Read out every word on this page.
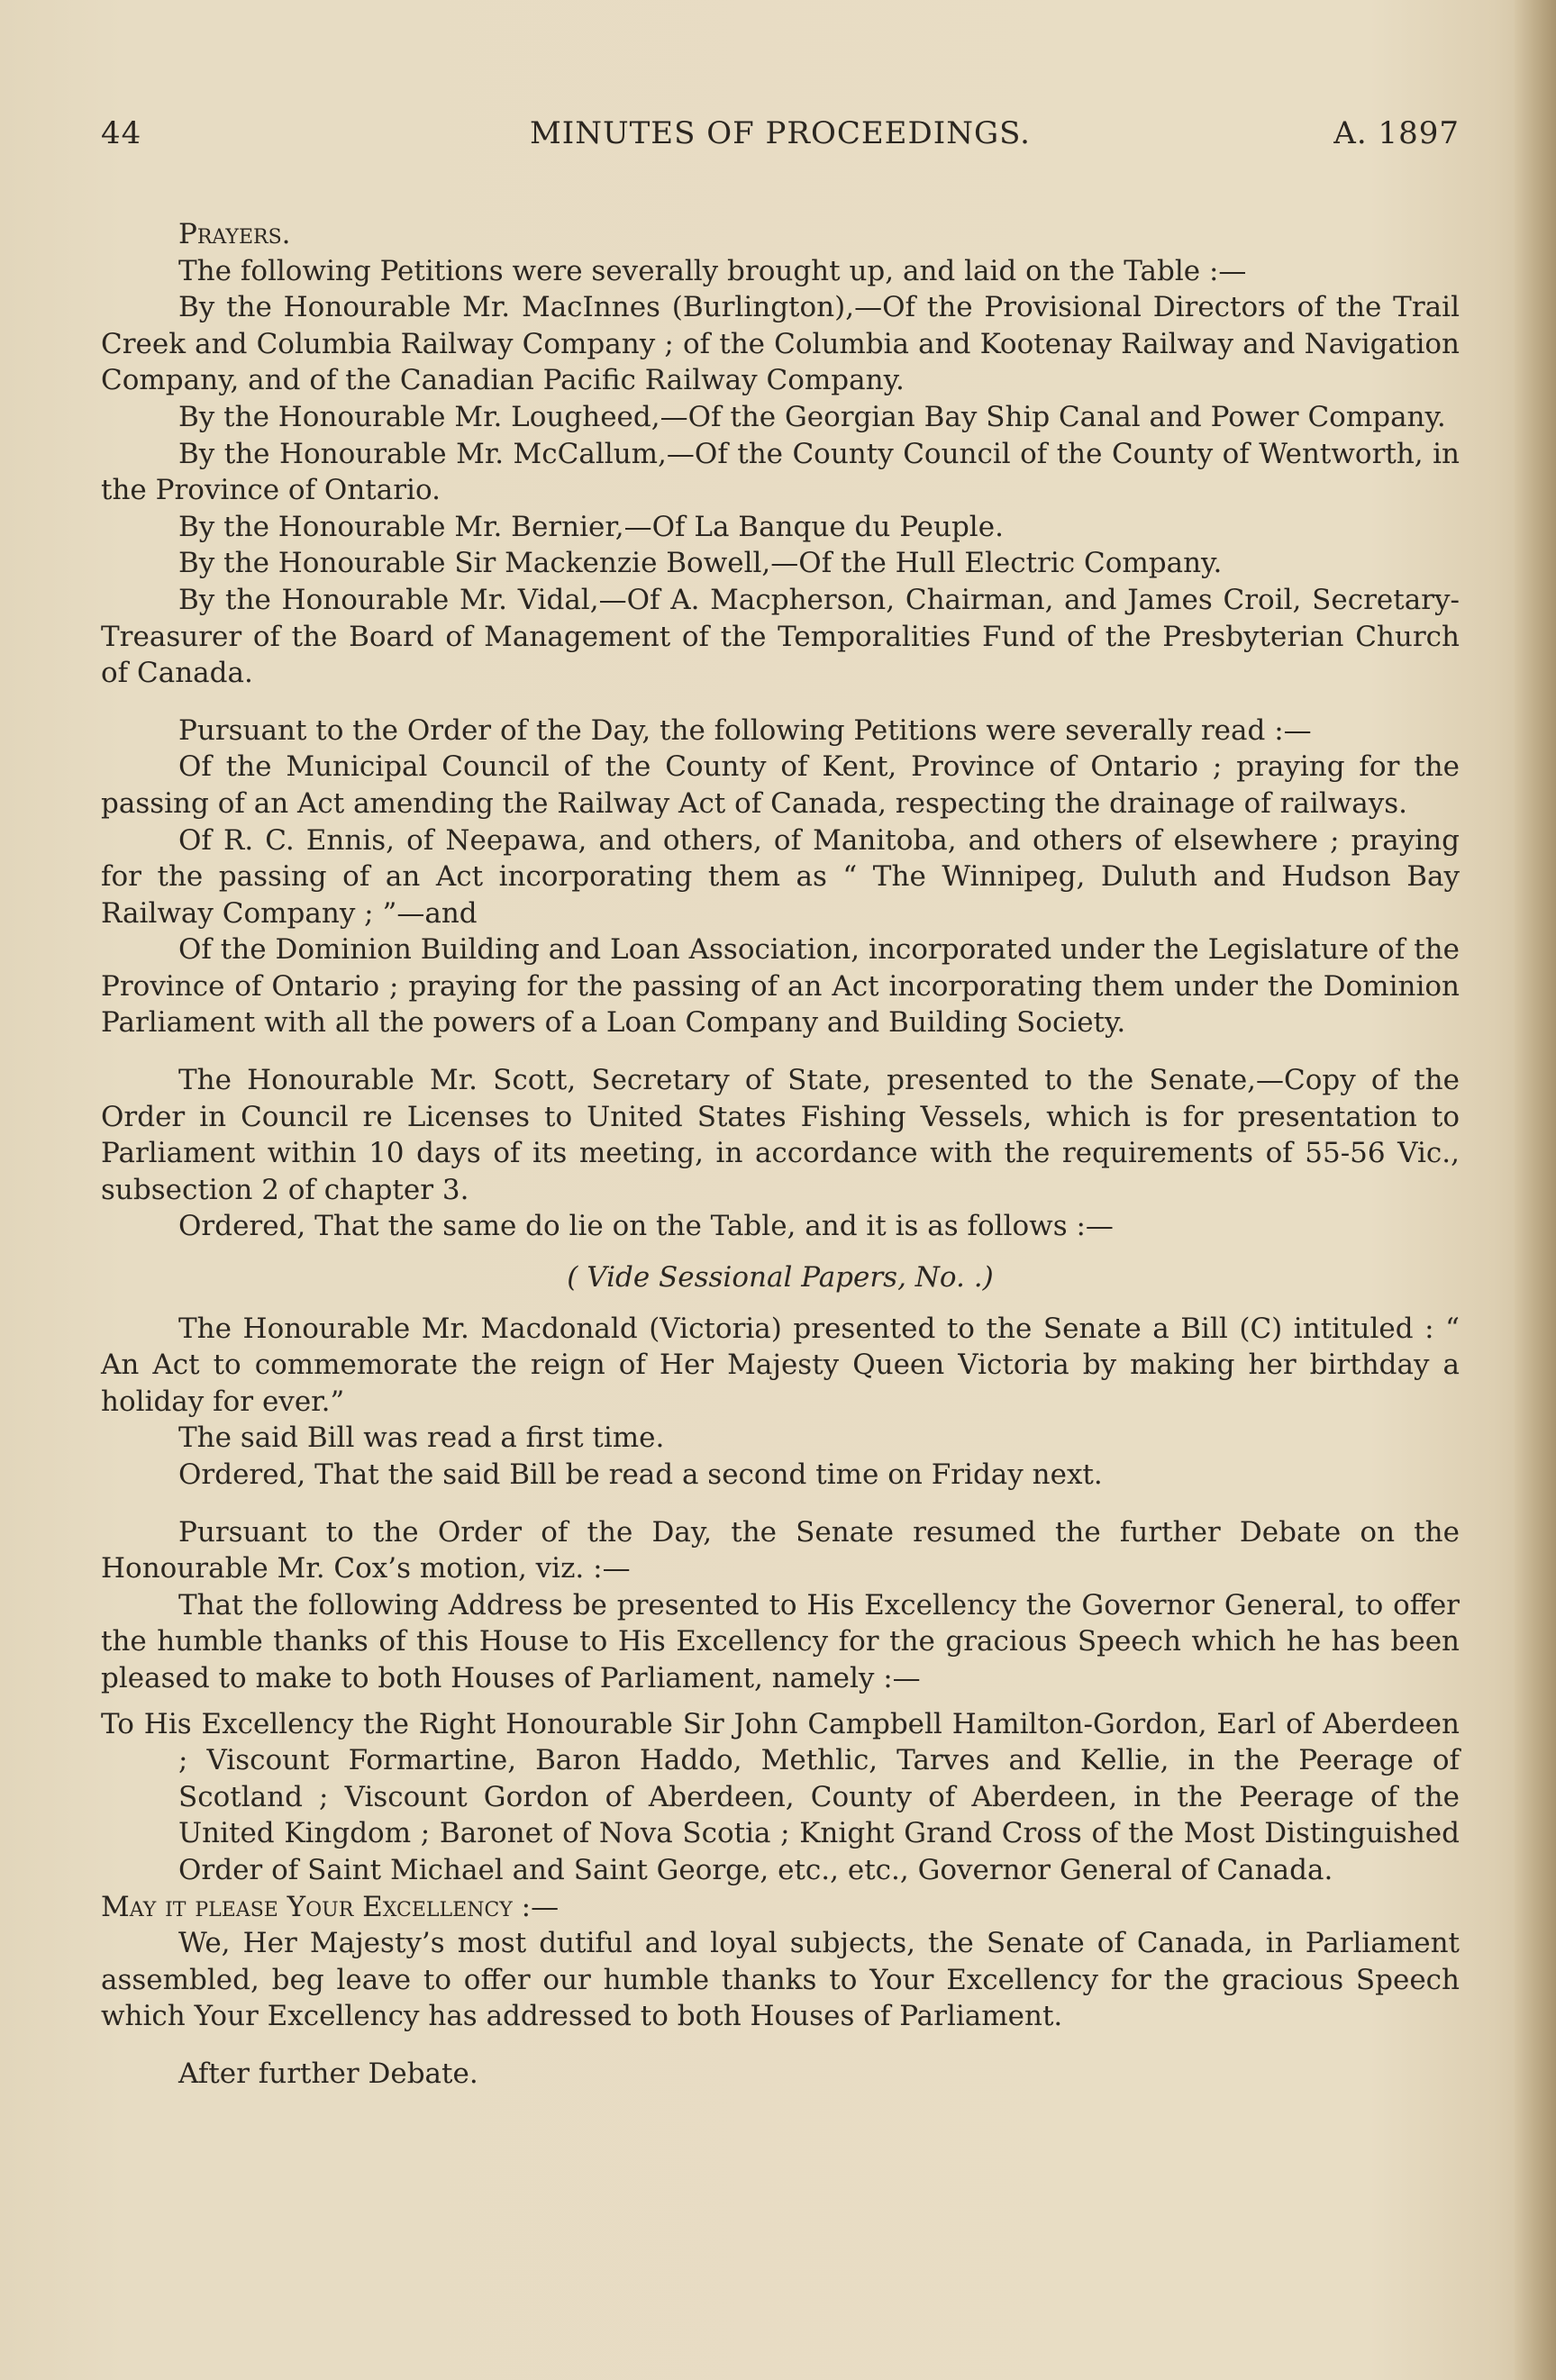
44	MINUTES OF PROCEEDINGS.	A. 1897

Prayers.

The following Petitions were severally brought up, and laid on the Table :—

By the Honourable Mr. MacInnes (Burlington),—Of the Provisional Directors of the Trail Creek and Columbia Railway Company ; of the Columbia and Kootenay Railway and Navigation Company, and of the Canadian Pacific Railway Company.

By the Honourable Mr. Lougheed,—Of the Georgian Bay Ship Canal and Power Company.

By the Honourable Mr. McCallum,—Of the County Council of the County of Wentworth, in the Province of Ontario.

By the Honourable Mr. Bernier,—Of La Banque du Peuple.

By the Honourable Sir Mackenzie Bowell,—Of the Hull Electric Company.

By the Honourable Mr. Vidal,—Of A. Macpherson, Chairman, and James Croil, Secretary-Treasurer of the Board of Management of the Temporalities Fund of the Presbyterian Church of Canada.

Pursuant to the Order of the Day, the following Petitions were severally read :—

Of the Municipal Council of the County of Kent, Province of Ontario ; praying for the passing of an Act amending the Railway Act of Canada, respecting the drainage of railways.

Of R. C. Ennis, of Neepawa, and others, of Manitoba, and others of elsewhere ; praying for the passing of an Act incorporating them as “ The Winnipeg, Duluth and Hudson Bay Railway Company ; ”—and

Of the Dominion Building and Loan Association, incorporated under the Legislature of the Province of Ontario ; praying for the passing of an Act incorporating them under the Dominion Parliament with all the powers of a Loan Company and Building Society.

The Honourable Mr. Scott, Secretary of State, presented to the Senate,—Copy of the Order in Council re Licenses to United States Fishing Vessels, which is for presentation to Parliament within 10 days of its meeting, in accordance with the requirements of 55-56 Vic., subsection 2 of chapter 3.

Ordered, That the same do lie on the Table, and it is as follows :—

( Vide Sessional Papers, No. .)

The Honourable Mr. Macdonald (Victoria) presented to the Senate a Bill (C) intituled : “ An Act to commemorate the reign of Her Majesty Queen Victoria by making her birthday a holiday for ever.”

The said Bill was read a first time.

Ordered, That the said Bill be read a second time on Friday next.

Pursuant to the Order of the Day, the Senate resumed the further Debate on the Honourable Mr. Cox’s motion, viz. :—

That the following Address be presented to His Excellency the Governor General, to offer the humble thanks of this House to His Excellency for the gracious Speech which he has been pleased to make to both Houses of Parliament, namely :—

To His Excellency the Right Honourable Sir John Campbell Hamilton-Gordon, Earl of Aberdeen ; Viscount Formartine, Baron Haddo, Methlic, Tarves and Kellie, in the Peerage of Scotland ; Viscount Gordon of Aberdeen, County of Aberdeen, in the Peerage of the United Kingdom ; Baronet of Nova Scotia ; Knight Grand Cross of the Most Distinguished Order of Saint Michael and Saint George, etc., etc., Governor General of Canada.

May it please Your Excellency :—

We, Her Majesty’s most dutiful and loyal subjects, the Senate of Canada, in Parliament assembled, beg leave to offer our humble thanks to Your Excellency for the gracious Speech which Your Excellency has addressed to both Houses of Parliament.

After further Debate.
